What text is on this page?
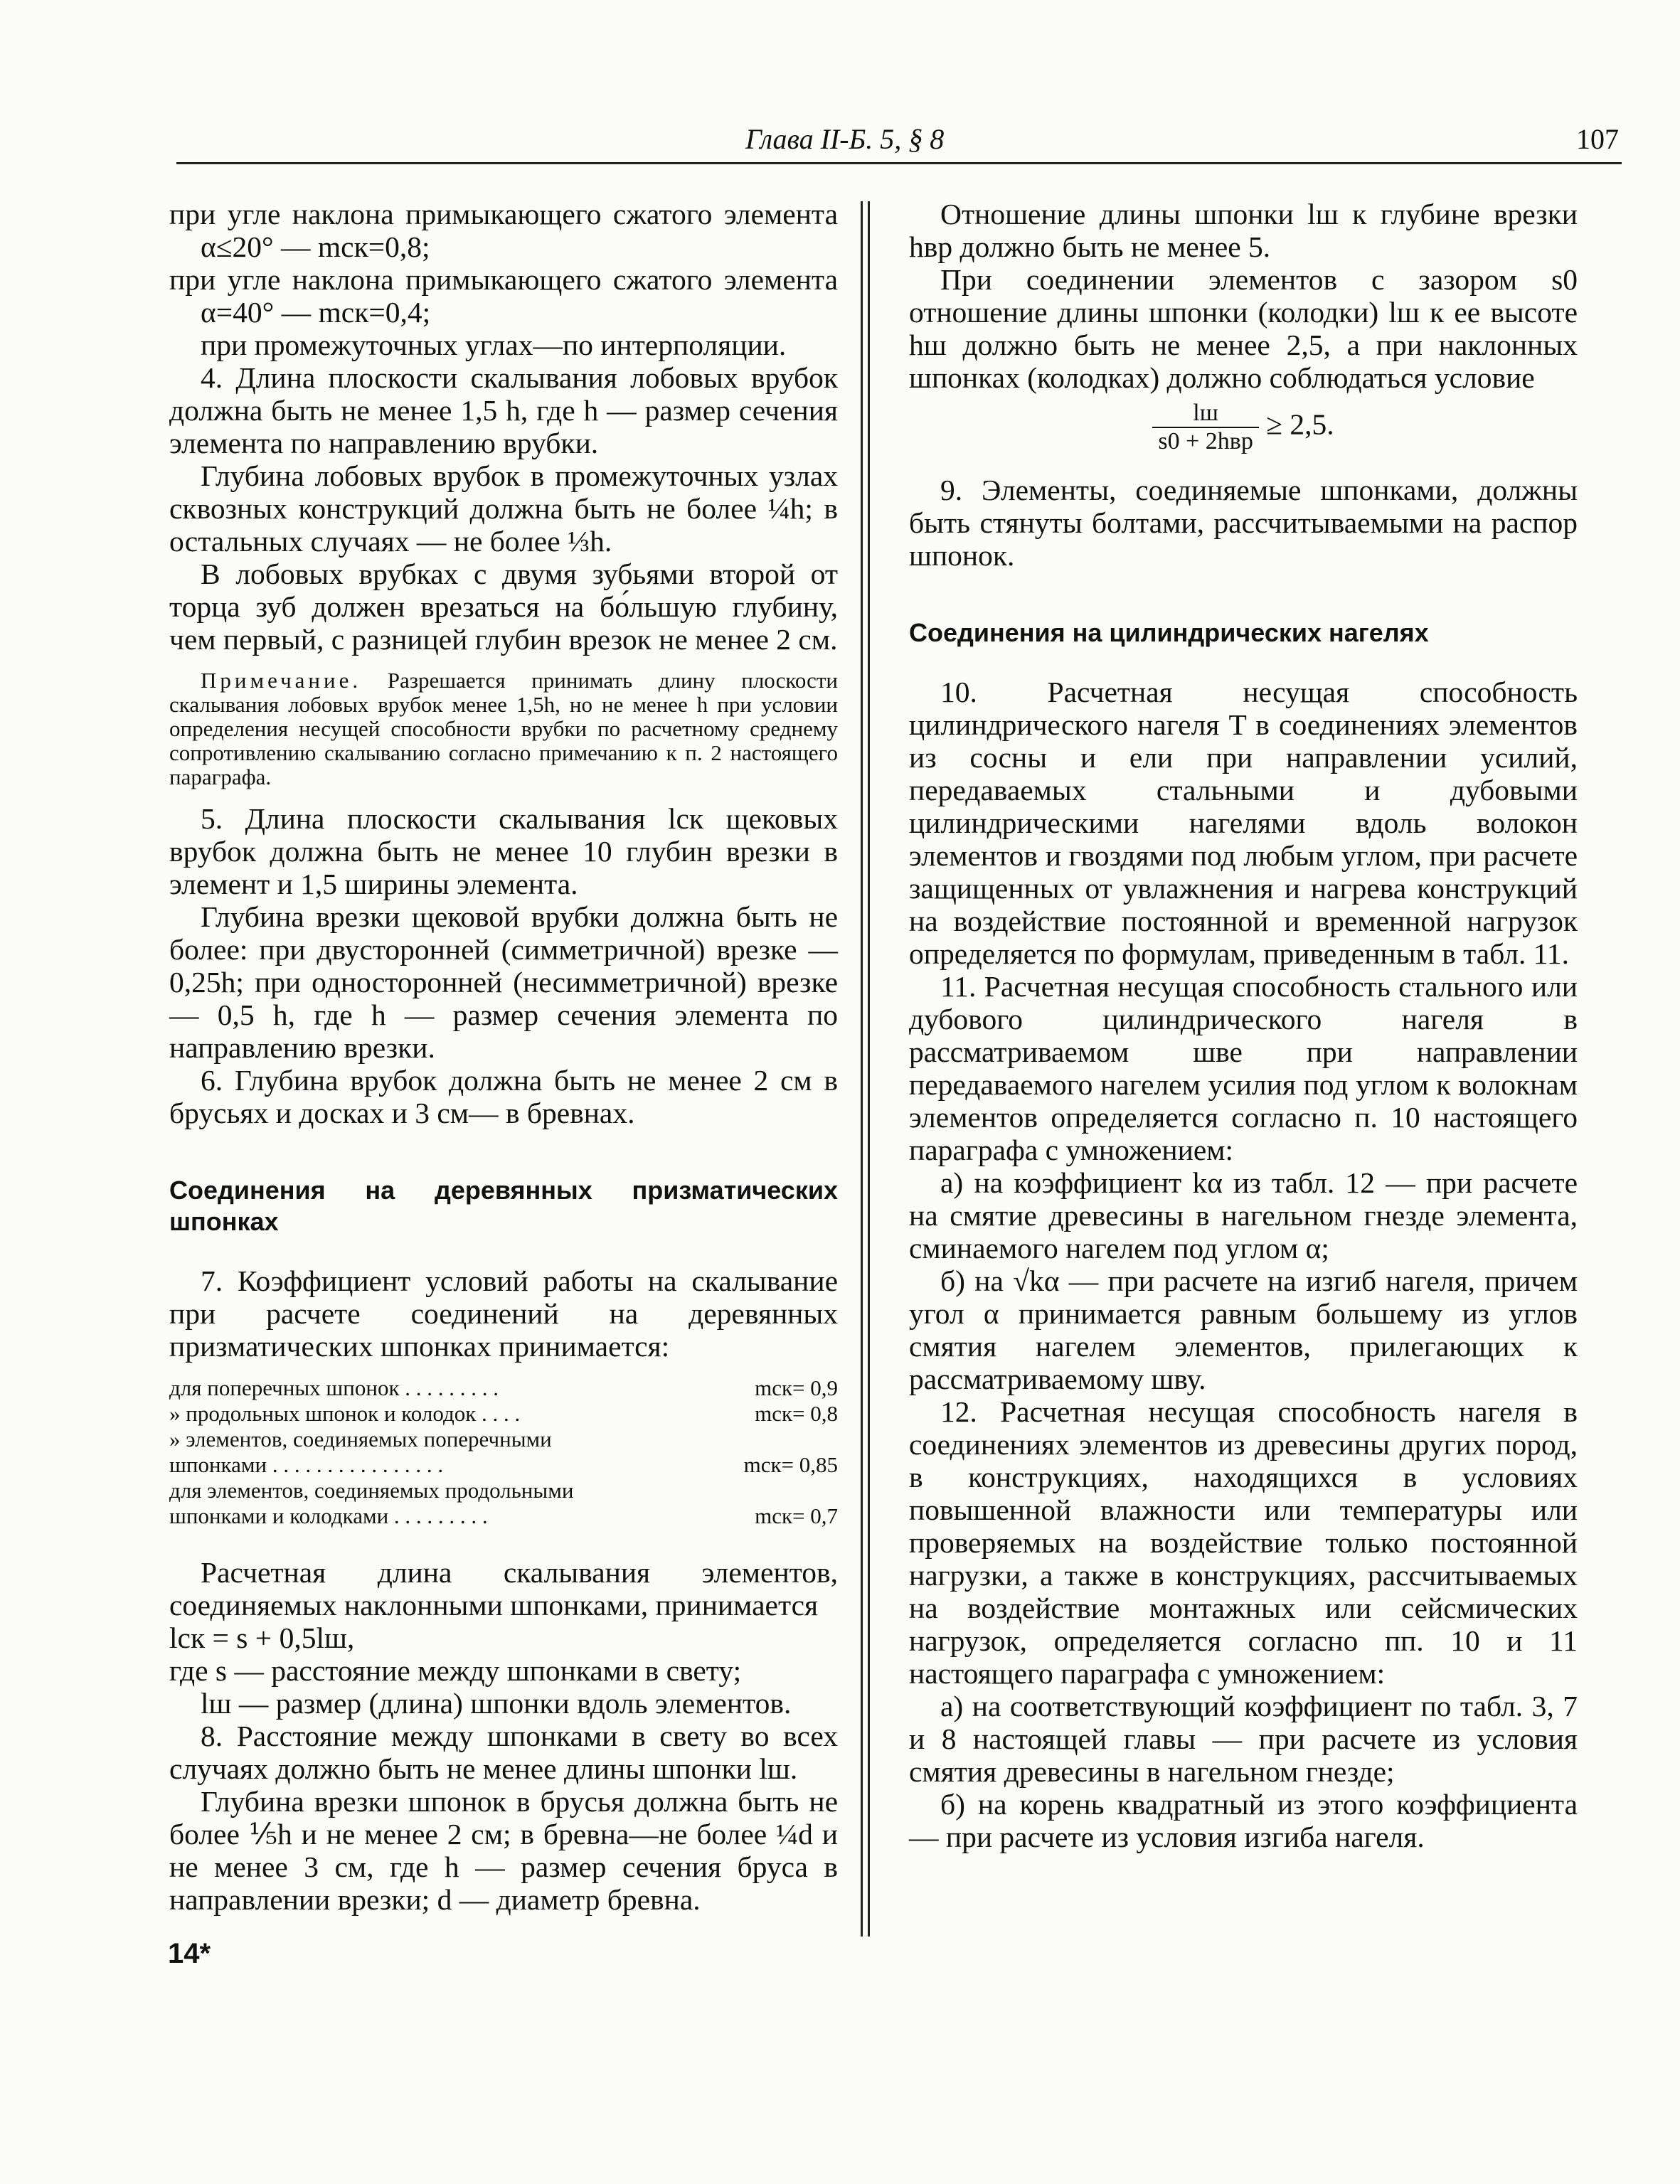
Глава II-Б. 5, § 8	107

при угле наклона примыкающего сжатого элемента α≤20° — mск=0,8;

при угле наклона примыкающего сжатого элемента α=40° — mск=0,4;

при промежуточных углах—по интерполяции.

4. Длина плоскости скалывания лобовых врубок должна быть не менее 1,5 h, где h — размер сечения элемента по направлению врубки.

Глубина лобовых врубок в промежуточных узлах сквозных конструкций должна быть не более ¼h; в остальных случаях — не более ⅓h.

В лобовых врубках с двумя зубьями второй от торца зуб должен врезаться на бо́льшую глубину, чем первый, с разницей глубин врезок не менее 2 см.

Примечание. Разрешается принимать длину плоскости скалывания лобовых врубок менее 1,5h, но не менее h при условии определения несущей способности врубки по расчетному среднему сопротивлению скалыванию согласно примечанию к п. 2 настоящего параграфа.

5. Длина плоскости скалывания lск щековых врубок должна быть не менее 10 глубин врезки в элемент и 1,5 ширины элемента.

Глубина врезки щековой врубки должна быть не более: при двусторонней (симметричной) врезке — 0,25h; при односторонней (несимметричной) врезке — 0,5 h, где h — размер сечения элемента по направлению врезки.

6. Глубина врубок должна быть не менее 2 см в брусьях и досках и 3 см— в бревнах.

Соединения на деревянных призматических шпонках

7. Коэффициент условий работы на скалывание при расчете соединений на деревянных призматических шпонках принимается:

для поперечных шпонок . . . . . . . . .	mск= 0,9
» продольных шпонок и колодок . . . .	mск= 0,8
» элементов, соединяемых поперечными
шпонками . . . . . . . . . . . . . . . .	mск= 0,85
для элементов, соединяемых продольными
шпонками и колодками . . . . . . . . .	mск= 0,7

Расчетная длина скалывания элементов, соединяемых наклонными шпонками, принимается

lск = s + 0,5lш,

где s — расстояние между шпонками в свету;

lш — размер (длина) шпонки вдоль элементов.

8. Расстояние между шпонками в свету во всех случаях должно быть не менее длины шпонки lш.

Глубина врезки шпонок в брусья должна быть не более ⅕h и не менее 2 см; в бревна—не более ¼d и не менее 3 см, где h — размер сечения бруса в направлении врезки; d — диаметр бревна.

Отношение длины шпонки lш к глубине врезки hвр должно быть не менее 5.

При соединении элементов с зазором s0 отношение длины шпонки (колодки) lш к ее высоте hш должно быть не менее 2,5, а при наклонных шпонках (колодках) должно соблюдаться условие

$\frac{lш}{\text{s0 + 2hвр}} \ge 2,5$.

9. Элементы, соединяемые шпонками, должны быть стянуты болтами, рассчитываемыми на распор шпонок.

Соединения на цилиндрических нагелях

10. Расчетная несущая способность цилиндрического нагеля T в соединениях элементов из сосны и ели при направлении усилий, передаваемых стальными и дубовыми цилиндрическими нагелями вдоль волокон элементов и гвоздями под любым углом, при расчете защищенных от увлажнения и нагрева конструкций на воздействие постоянной и временной нагрузок определяется по формулам, приведенным в табл. 11.

11. Расчетная несущая способность стального или дубового цилиндрического нагеля в рассматриваемом шве при направлении передаваемого нагелем усилия под углом к волокнам элементов определяется согласно п. 10 настоящего параграфа с умножением:

а) на коэффициент kα из табл. 12 — при расчете на смятие древесины в нагельном гнезде элемента, сминаемого нагелем под углом α;

б) на √kα — при расчете на изгиб нагеля, причем угол α принимается равным большему из углов смятия нагелем элементов, прилегающих к рассматриваемому шву.

12. Расчетная несущая способность нагеля в соединениях элементов из древесины других пород, в конструкциях, находящихся в условиях повышенной влажности или температуры или проверяемых на воздействие только постоянной нагрузки, а также в конструкциях, рассчитываемых на воздействие монтажных или сейсмических нагрузок, определяется согласно пп. 10 и 11 настоящего параграфа с умножением:

а) на соответствующий коэффициент по табл. 3, 7 и 8 настоящей главы — при расчете из условия смятия древесины в нагельном гнезде;

б) на корень квадратный из этого коэффициента — при расчете из условия изгиба нагеля.

14*
